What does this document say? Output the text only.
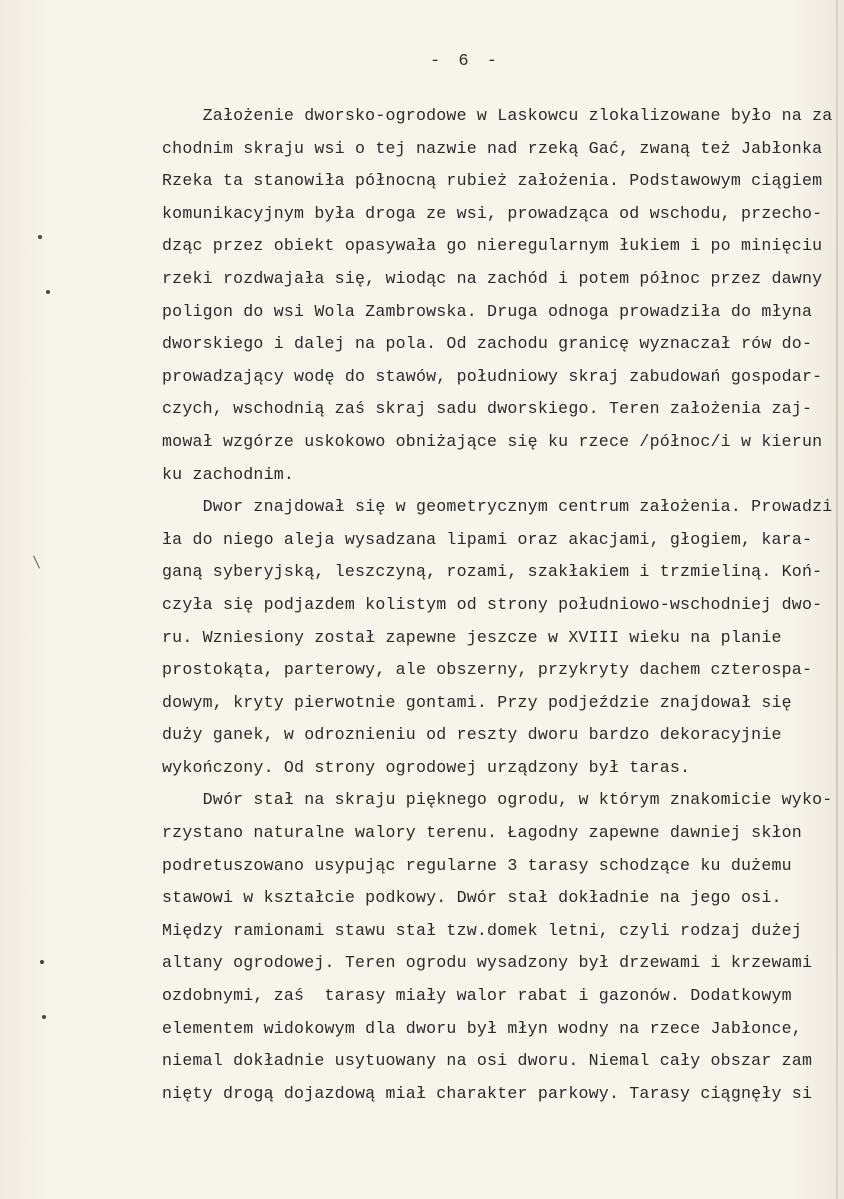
- 6 -
Założenie dworsko-ogrodowe w Laskowcu zlokalizowane było na za
chodnim skraju wsi o tej nazwie nad rzeką Gać, zwaną też Jabłonka
Rzeka ta stanowiła północną rubież założenia. Podstawowym ciągiem
komunikacyjnym była droga ze wsi, prowadząca od wschodu, przecho-
dząc przez obiekt opasywała go nieregularnym łukiem i po minięciu
rzeki rozdwajała się, wiodąc na zachód i potem północ przez dawny
poligon do wsi Wola Zambrowska. Druga odnoga prowadziła do młyna
dworskiego i dalej na pola. Od zachodu granicę wyznaczał rów do-
prowadzający wodę do stawów, południowy skraj zabudowań gospodar-
czych, wschodnią zaś skraj sadu dworskiego. Teren założenia zaj-
mował wzgórze uskokowo obniżające się ku rzece /północ/i w kierun
ku zachodnim.
Dwor znajdował się w geometrycznym centrum założenia. Prowadzi
ła do niego aleja wysadzana lipami oraz akacjami, głogiem, kara-
ganą syberyjską, leszczyną, rozami, szakłakiem i trzmieliną. Koń-
czyła się podjazdem kolistym od strony południowo-wschodniej dwo-
ru. Wzniesiony został zapewne jeszcze w XVIII wieku na planie
prostokąta, parterowy, ale obszerny, przykryty dachem czterospa-
dowym, kryty pierwotnie gontami. Przy podjeździe znajdował się
duży ganek, w odroznieniu od reszty dworu bardzo dekoracyjnie
wykończony. Od strony ogrodowej urządzony był taras.
Dwór stał na skraju pięknego ogrodu, w którym znakomicie wyko-
rzystano naturalne walory terenu. Łagodny zapewne dawniej skłon
podretuszowano usypując regularne 3 tarasy schodzące ku dużemu
stawowi w kształcie podkowy. Dwór stał dokładnie na jego osi.
Między ramionami stawu stał tzw.domek letni, czyli rodzaj dużej
altany ogrodowej. Teren ogrodu wysadzony był drzewami i krzewami
ozdobnymi, zaś  tarasy miały walor rabat i gazonów. Dodatkowym
elementem widokowym dla dworu był młyn wodny na rzece Jabłonce,
niemal dokładnie usytuowany na osi dworu. Niemal cały obszar zam
nięty drogą dojazdową miał charakter parkowy. Tarasy ciągnęły si
